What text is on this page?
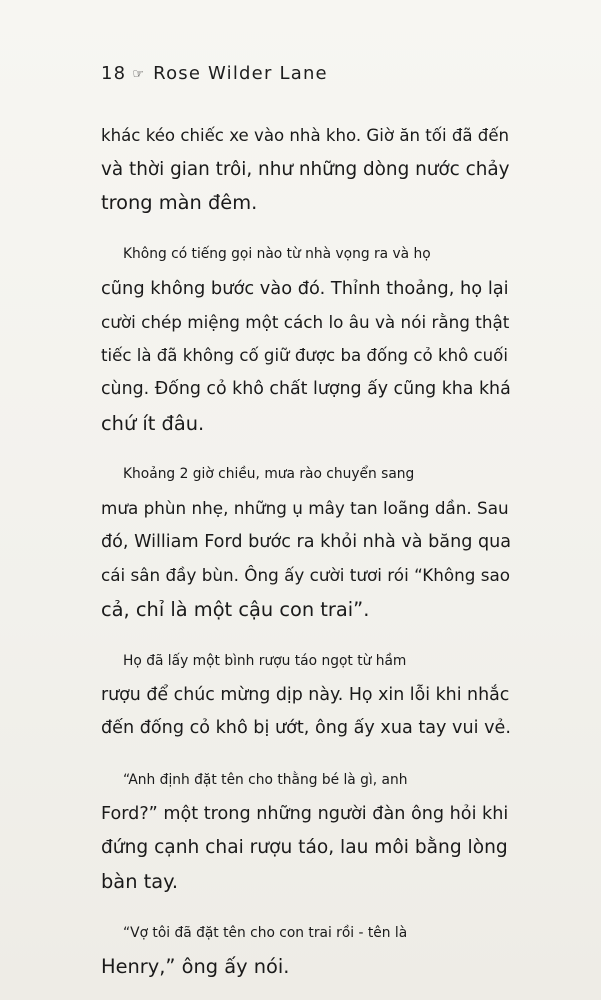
18 ☞ Rose Wilder Lane

khác kéo chiếc xe vào nhà kho. Giờ ăn tối đã đến
và thời gian trôi, như những dòng nước chảy
trong màn đêm.

Không có tiếng gọi nào từ nhà vọng ra và họ
cũng không bước vào đó. Thỉnh thoảng, họ lại
cười chép miệng một cách lo âu và nói rằng thật
tiếc là đã không cố giữ được ba đống cỏ khô cuối
cùng. Đống cỏ khô chất lượng ấy cũng kha khá
chứ ít đâu.

Khoảng 2 giờ chiều, mưa rào chuyển sang
mưa phùn nhẹ, những ụ mây tan loãng dần. Sau
đó, William Ford bước ra khỏi nhà và băng qua
cái sân đầy bùn. Ông ấy cười tươi rói “Không sao
cả, chỉ là một cậu con trai”.

Họ đã lấy một bình rượu táo ngọt từ hầm
rượu để chúc mừng dịp này. Họ xin lỗi khi nhắc
đến đống cỏ khô bị ướt, ông ấy xua tay vui vẻ.

“Anh định đặt tên cho thằng bé là gì, anh
Ford?” một trong những người đàn ông hỏi khi
đứng cạnh chai rượu táo, lau môi bằng lòng
bàn tay.

“Vợ tôi đã đặt tên cho con trai rồi - tên là
Henry,” ông ấy nói.
